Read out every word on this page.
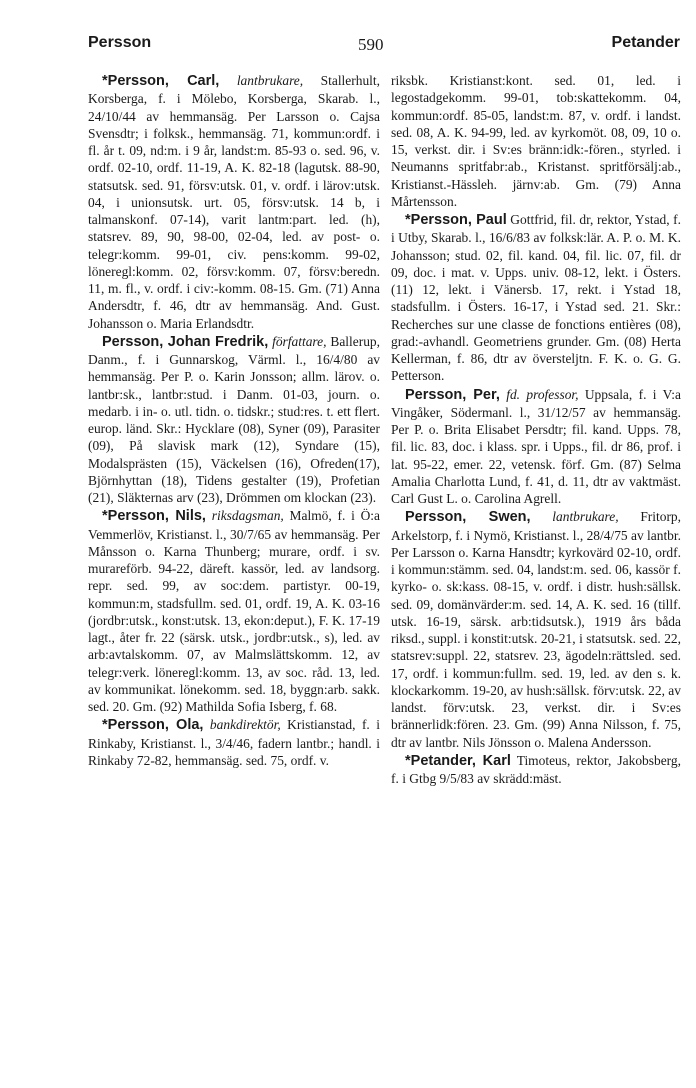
Persson	590	Petander

*Persson, Carl, lantbrukare, Stallerhult, Korsberga, f. i Mölebo, Korsberga, Skarab. l., 24/10/44 av hemmansäg. Per Larsson o. Cajsa Svensdtr; i folksk., hemmansäg. 71, kommun:ordf. i fl. år t. 09, nd:m. i 9 år, landst:m. 85-93 o. sed. 96, v. ordf. 02-10, ordf. 11-19, A. K. 82-18 (lagutsk. 88-90, statsutsk. sed. 91, försv:utsk. 01, v. ordf. i lärov:utsk. 04, i unionsutsk. urt. 05, försv:utsk. 14 b, i talmanskonf. 07-14), varit lantm:part. led. (h), statsrev. 89, 90, 98-00, 02-04, led. av post- o. telegr:komm. 99-01, civ. pens:komm. 99-02, löneregl:komm. 02, försv:komm. 07, försv:beredn. 11, m. fl., v. ordf. i civ:-komm. 08-15. Gm. (71) Anna Andersdtr, f. 46, dtr av hemmansäg. And. Gust. Johansson o. Maria Erlandsdtr.

Persson, Johan Fredrik, författare, Ballerup, Danm., f. i Gunnarskog, Värml. l., 16/4/80 av hemmansäg. Per P. o. Karin Jonsson; allm. lärov. o. lantbr:sk., lantbr:stud. i Danm. 01-03, journ. o. medarb. i in- o. utl. tidn. o. tidskr.; stud:res. t. ett flert. europ. länd. Skr.: Hycklare (08), Syner (09), Parasiter (09), På slavisk mark (12), Syndare (15), Modalsprästen (15), Väckelsen (16), Ofreden(17), Björnhyttan (18), Tidens gestalter (19), Profetian (21), Släkternas arv (23), Drömmen om klockan (23).

*Persson, Nils, riksdagsman, Malmö, f. i Ö:a Vemmerlöv, Kristianst. l., 30/7/65 av hemmansäg. Per Månsson o. Karna Thunberg; murare, ordf. i sv. murareförb. 94-22, däreft. kassör, led. av landsorg. repr. sed. 99, av soc:dem. partistyr. 00-19, kommun:m, stadsfullm. sed. 01, ordf. 19, A. K. 03-16 (jordbr:utsk., konst:utsk. 13, ekon:deput.), F. K. 17-19 lagt., åter fr. 22 (särsk. utsk., jordbr:utsk., s), led. av arb:avtalskomm. 07, av Malmslättskomm. 12, av telegr:verk. löneregl:komm. 13, av soc. råd. 13, led. av kommunikat. lönekomm. sed. 18, byggn:arb. sakk. sed. 20. Gm. (92) Mathilda Sofia Isberg, f. 68.

*Persson, Ola, bankdirektör, Kristianstad, f. i Rinkaby, Kristianst. l., 3/4/46, fadern lantbr.; handl. i Rinkaby 72-82, hemmansäg. sed. 75, ordf. v.

riksbk. Kristianst:kont. sed. 01, led. i legostadgekomm. 99-01, tob:skattekomm. 04, kommun:ordf. 85-05, landst:m. 87, v. ordf. i landst. sed. 08, A. K. 94-99, led. av kyrkomöt. 08, 09, 10 o. 15, verkst. dir. i Sv:es bränn:idk:-fören., styrled. i Neumanns spritfabr:ab., Kristanst. spritförsälj:ab., Kristianst.-Hässleh. järnv:ab. Gm. (79) Anna Mårtensson.

*Persson, Paul Gottfrid, fil. dr, rektor, Ystad, f. i Utby, Skarab. l., 16/6/83 av folksk:lär. A. P. o. M. K. Johansson; stud. 02, fil. kand. 04, fil. lic. 07, fil. dr 09, doc. i mat. v. Upps. univ. 08-12, lekt. i Östers. (11) 12, lekt. i Vänersb. 17, rekt. i Ystad 18, stadsfullm. i Östers. 16-17, i Ystad sed. 21. Skr.: Recherches sur une classe de fonctions entières (08), grad:-avhandl. Geometriens grunder. Gm. (08) Herta Kellerman, f. 86, dtr av översteljtn. F. K. o. G. G. Petterson.

Persson, Per, fd. professor, Uppsala, f. i V:a Vingåker, Södermanl. l., 31/12/57 av hemmansäg. Per P. o. Brita Elisabet Persdtr; fil. kand. Upps. 78, fil. lic. 83, doc. i klass. spr. i Upps., fil. dr 86, prof. i lat. 95-22, emer. 22, vetensk. förf. Gm. (87) Selma Amalia Charlotta Lund, f. 41, d. 11, dtr av vaktmäst. Carl Gust L. o. Carolina Agrell.

Persson, Swen, lantbrukare, Fritorp, Arkelstorp, f. i Nymö, Kristianst. l., 28/4/75 av lantbr. Per Larsson o. Karna Hansdtr; kyrkovärd 02-10, ordf. i kommun:stämm. sed. 04, landst:m. sed. 06, kassör f. kyrko- o. sk:kass. 08-15, v. ordf. i distr. hush:sällsk. sed. 09, domänvärder:m. sed. 14, A. K. sed. 16 (tillf. utsk. 16-19, särsk. arb:tidsutsk.), 1919 års båda riksd., suppl. i konstit:utsk. 20-21, i statsutsk. sed. 22, statsrev:suppl. 22, statsrev. 23, ägodeln:rättsled. sed. 17, ordf. i kommun:fullm. sed. 19, led. av den s. k. klockarkomm. 19-20, av hush:sällsk. förv:utsk. 22, av landst. förv:utsk. 23, verkst. dir. i Sv:es brännerlidk:fören. 23. Gm. (99) Anna Nilsson, f. 75, dtr av lantbr. Nils Jönsson o. Malena Andersson.

*Petander, Karl Timoteus, rektor, Jakobsberg, f. i Gtbg 9/5/83 av skrädd:mäst.
